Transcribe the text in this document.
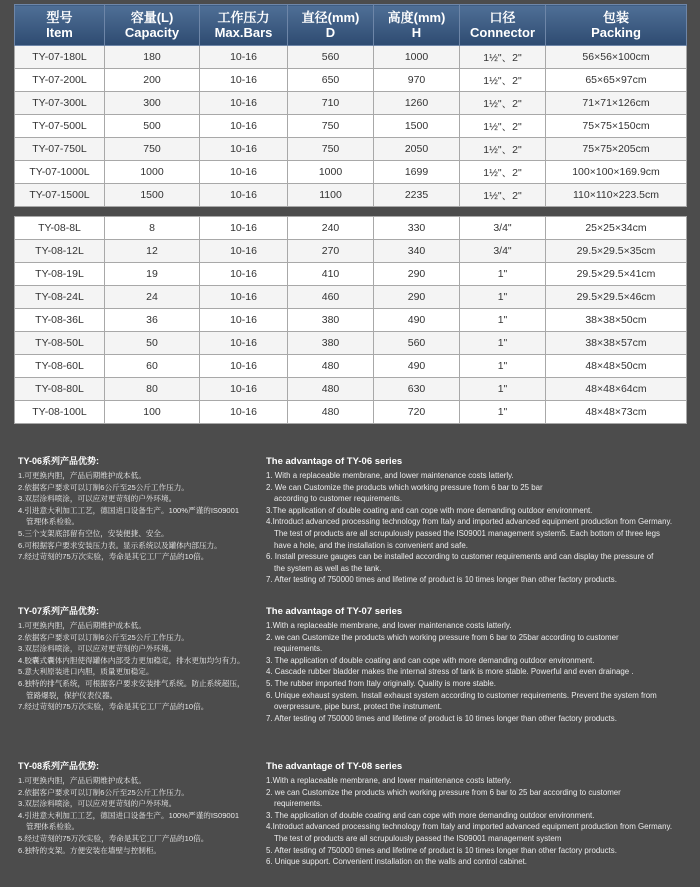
型号
Item	容量(L)
Capacity	工作压力
Max.Bars	直径(mm)
D	高度(mm)
H	口径
Connector	包装
Packing

TY-07-180L	180	10-16	560	1000	1½"、2"	56×56×100cm
TY-07-200L	200	10-16	650	970	1½"、2"	65×65×97cm
TY-07-300L	300	10-16	710	1260	1½"、2"	71×71×126cm
TY-07-500L	500	10-16	750	1500	1½"、2"	75×75×150cm
TY-07-750L	750	10-16	750	2050	1½"、2"	75×75×205cm
TY-07-1000L	1000	10-16	1000	1699	1½"、2"	100×100×169.9cm
TY-07-1500L	1500	10-16	1100	2235	1½"、2"	110×110×223.5cm
TY-08-8L	8	10-16	240	330	3/4"	25×25×34cm
TY-08-12L	12	10-16	270	340	3/4"	29.5×29.5×35cm
TY-08-19L	19	10-16	410	290	1"	29.5×29.5×41cm
TY-08-24L	24	10-16	460	290	1"	29.5×29.5×46cm
TY-08-36L	36	10-16	380	490	1"	38×38×50cm
TY-08-50L	50	10-16	380	560	1"	38×38×57cm
TY-08-60L	60	10-16	480	490	1"	48×48×50cm
TY-08-80L	80	10-16	480	630	1"	48×48×64cm
TY-08-100L	100	10-16	480	720	1"	48×48×73cm
TY-06系列产品优势:
1.可更换内胆，产品后期维护成本低。
2.依据客户要求可以订制6公斤至25公斤工作压力。
3.双层涂料喷涂，可以应对更苛刻的户外环境。
4.引进意大利加工工艺，德国进口设备生产。100%严谨的IS09001
管理体系检验。
5.三个支架底部留有空位，安装便捷、安全。
6.可根据客户要求安装压力表。显示系统以及罐体内部压力。
7.经过苛刻的75万次实验，寿命是其它工厂产品的10倍。
The advantage of TY-06 series
1. With a replaceable membrane, and lower maintenance costs latterly.
2. We can Customize the products which working pressure from 6 bar to 25 bar
according to customer requirements.
3.The application of double coating and can cope with more demanding outdoor environment.
4.Introduct advanced processing technology from Italy and imported advanced equipment production from Germany.
The test of products are all scrupulously passed the IS09001 management system5. Each bottom of three legs
have a hole, and the installation is convenient and safe.
6. Install pressure gauges can be installed according to customer requirements and can display the pressure of
the system as well as the tank.
7. After testing of 750000 times and lifetime of product is 10 times longer than other factory products.
TY-07系列产品优势:
1.可更换内胆，产品后期维护成本低。
2.依据客户要求可以订制6公斤至25公斤工作压力。
3.双层涂料喷涂，可以应对更苛刻的户外环境。
4.胶囊式囊体内胆使得罐体内部受力更加稳定，排水更加均匀有力。
5.意大利原装进口内胆，质量更加稳定。
6.独特的排气系统，可根据客户要求安装排气系统。防止系统超压，
管路爆裂，保护仪表仪器。
7.经过苛刻的75万次实验，寿命是其它工厂产品的10倍。
The advantage of TY-07 series
1.With a replaceable membrane, and lower maintenance costs latterly.
2. we can Customize the products which working pressure from 6 bar to 25bar according to customer
requirements.
3. The application of double coating and can cope with more demanding outdoor environment.
4. Cascade rubber bladder makes the internal stress of tank is more stable. Powerful and even drainage .
5. The rubber imported from Italy originally. Quality is more stable.
6. Unique exhaust system. Install exhaust system according to customer requirements. Prevent the system from
overpressure, pipe burst, protect the instrument.
7. After testing of 750000 times and lifetime of product is 10 times longer than other factory products.
TY-08系列产品优势:
1.可更换内胆，产品后期维护成本低。
2.依据客户要求可以订制6公斤至25公斤工作压力。
3.双层涂料喷涂，可以应对更苛刻的户外环境。
4.引进意大利加工工艺，德国进口设备生产。100%严谨的IS09001
管理体系检验。
5.经过苛刻的75万次实验，寿命是其它工厂产品的10倍。
6.独特的支架。方便安装在墙壁与控制柜。
The advantage of TY-08 series
1.With a replaceable membrane, and lower maintenance costs latterly.
2. we can Customize the products which working pressure from 6 bar to 25 bar according to customer
requirements.
3. The application of double coating and can cope with more demanding outdoor environment.
4.Introduct advanced processing technology from Italy and imported advanced equipment production from Germany.
The test of products are all scrupulously passed the IS09001 management system
5. After testing of 750000 times and lifetime of product is 10 times longer than other factory products.
6. Unique support. Convenient installation on the walls and control cabinet.
